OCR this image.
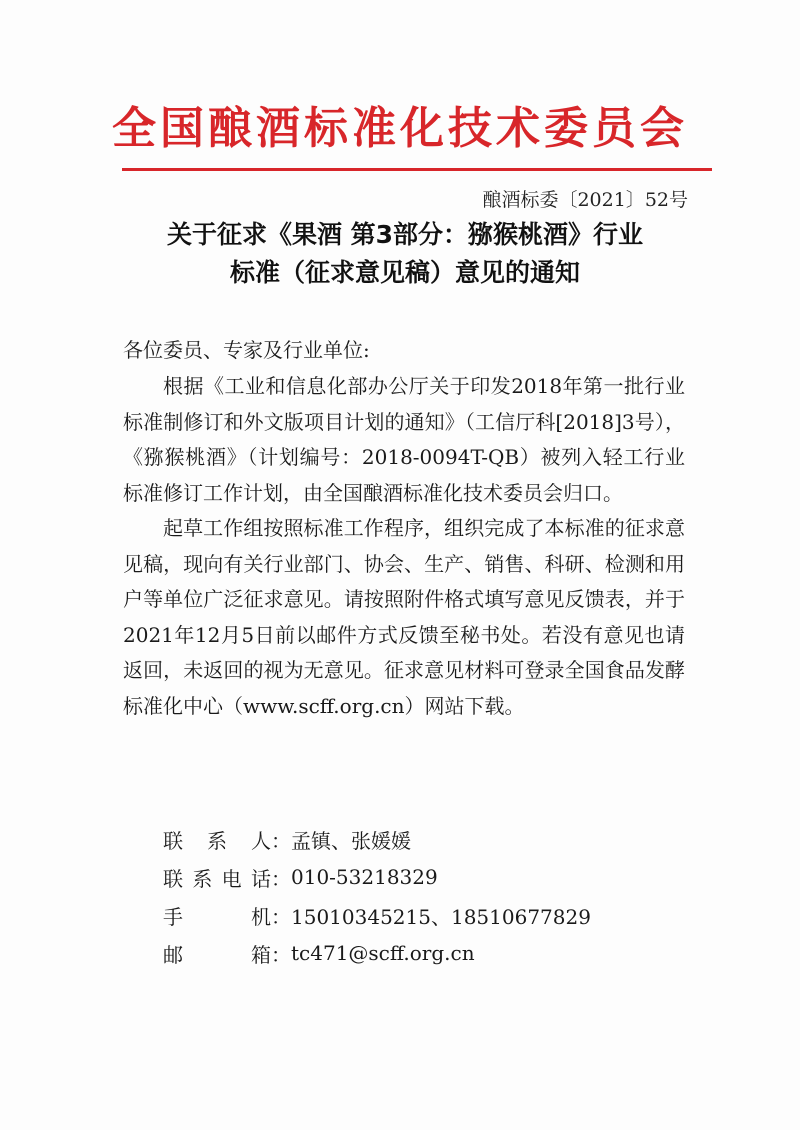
全国酿酒标准化技术委员会
酿酒标委〔2021〕52号
关于征求《果酒 第3部分：猕猴桃酒》行业
标准（征求意见稿）意见的通知
各位委员、专家及行业单位:

根据《工业和信息化部办公厅关于印发2018年第一批行业标准制修订和外文版项目计划的通知》（工信厅科[2018]3号），《猕猴桃酒》（计划编号：2018-0094T-QB）被列入轻工行业标准修订工作计划，由全国酿酒标准化技术委员会归口。

起草工作组按照标准工作程序，组织完成了本标准的征求意见稿，现向有关行业部门、协会、生产、销售、科研、检测和用户等单位广泛征求意见。请按照附件格式填写意见反馈表，并于2021年12月5日前以邮件方式反馈至秘书处。若没有意见也请返回，未返回的视为无意见。征求意见材料可登录全国食品发酵标准化中心（www.scff.org.cn）网站下载。

联 系 人 ： 孟镇、张媛媛
联 系 电 话 ： 010-53218329
手	机 ： 15010345215、18510677829
邮	箱 ： tc471@scff.org.cn
